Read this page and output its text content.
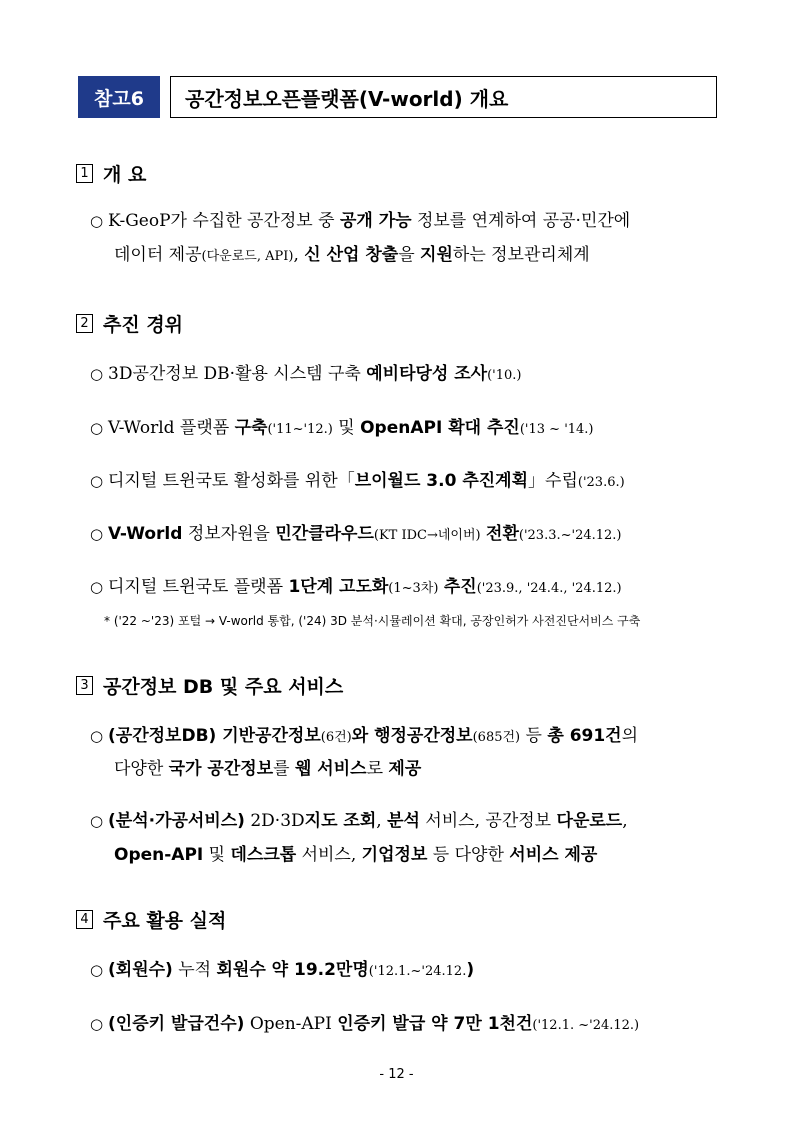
참고6	공간정보오픈플랫폼(V-world) 개요
1 개 요
○ K-GeoP가 수집한 공간정보 중 공개 가능 정보를 연계하여 공공·민간에
데이터 제공(다운로드, API), 신 산업 창출을 지원하는 정보관리체계
2 추진 경위
○ 3D공간정보 DB·활용 시스템 구축 예비타당성 조사('10.)
○ V-World 플랫폼 구축('11~'12.) 및 OpenAPI 확대 추진('13 ~ '14.)
○ 디지털 트윈국토 활성화를 위한「브이월드 3.0 추진계획」수립('23.6.)
○ V-World 정보자원을 민간클라우드(KT IDC→네이버) 전환('23.3.~'24.12.)
○ 디지털 트윈국토 플랫폼 1단계 고도화(1~3차) 추진('23.9., '24.4., '24.12.)
* ('22 ~'23) 포털 → V-world 통합, ('24) 3D 분석·시뮬레이션 확대, 공장인허가 사전진단서비스 구축
3 공간정보 DB 및 주요 서비스
○ (공간정보DB) 기반공간정보(6건)와 행정공간정보(685건) 등 총 691건의
다양한 국가 공간정보를 웹 서비스로 제공
○ (분석·가공서비스) 2D·3D지도 조회, 분석 서비스, 공간정보 다운로드,
Open-API 및 데스크톱 서비스, 기업정보 등 다양한 서비스 제공
4 주요 활용 실적
○ (회원수) 누적 회원수 약 19.2만명('12.1.~'24.12.)
○ (인증키 발급건수) Open-API 인증키 발급 약 7만 1천건('12.1. ~'24.12.)
- 12 -
